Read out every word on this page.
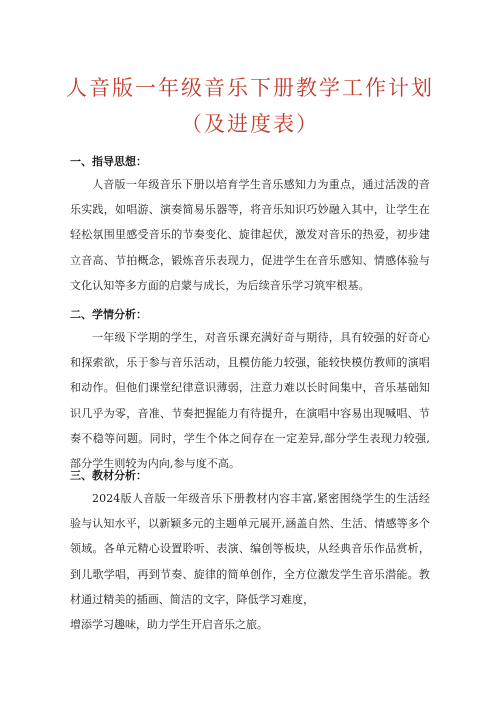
人音版一年级音乐下册教学工作计划
（及进度表）

一、指导思想：

人音版一年级音乐下册以培育学生音乐感知力为重点，通过活泼的音乐实践，如唱游、演奏简易乐器等，将音乐知识巧妙融入其中，让学生在轻松氛围里感受音乐的节奏变化、旋律起伏，激发对音乐的热爱，初步建立音高、节拍概念，锻炼音乐表现力，促进学生在音乐感知、情感体验与文化认知等多方面的启蒙与成长，为后续音乐学习筑牢根基。

二、学情分析：

一年级下学期的学生，对音乐课充满好奇与期待，具有较强的好奇心和探索欲，乐于参与音乐活动，且模仿能力较强，能较快模仿教师的演唱和动作。但他们课堂纪律意识薄弱，注意力难以长时间集中，音乐基础知识几乎为零，音准、节奏把握能力有待提升，在演唱中容易出现喊唱、节奏不稳等问题。同时，学生个体之间存在一定差异,部分学生表现力较强,部分学生则较为内向,参与度不高。

三、教材分析：

2024版人音版一年级音乐下册教材内容丰富,紧密围绕学生的生活经验与认知水平，以新颖多元的主题单元展开,涵盖自然、生活、情感等多个领域。各单元精心设置聆听、表演、编创等板块，从经典音乐作品赏析，到儿歌学唱，再到节奏、旋律的简单创作，全方位激发学生音乐潜能。教材通过精美的插画、简洁的文字，降低学习难度，

增添学习趣味，助力学生开启音乐之旅。
